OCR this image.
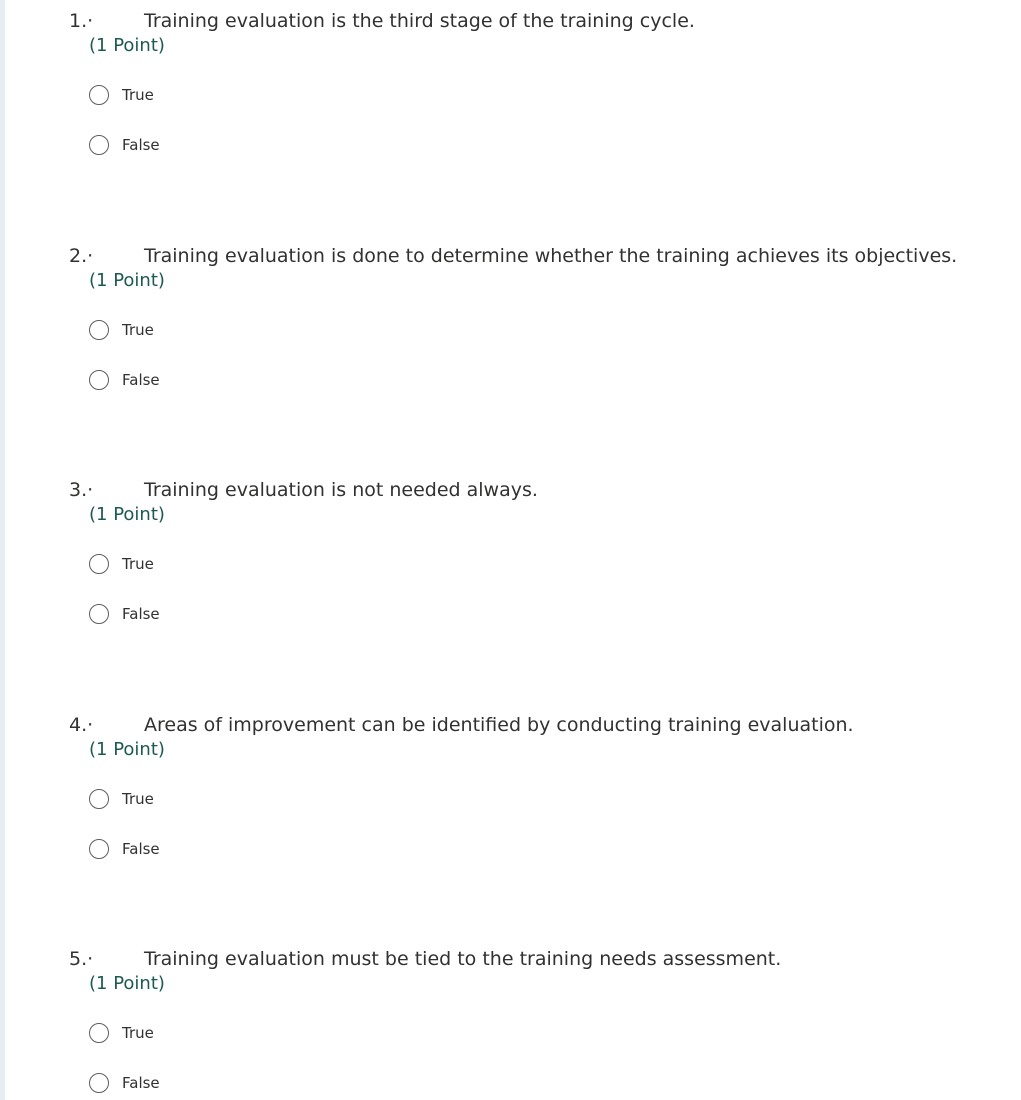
1.·	Training evaluation is the third stage of the training cycle.
(1 Point)
True
False
2.·	Training evaluation is done to determine whether the training achieves its objectives.
(1 Point)
True
False
3.·	Training evaluation is not needed always.
(1 Point)
True
False
4.·	Areas of improvement can be identified by conducting training evaluation.
(1 Point)
True
False
5.·	Training evaluation must be tied to the training needs assessment.
(1 Point)
True
False
